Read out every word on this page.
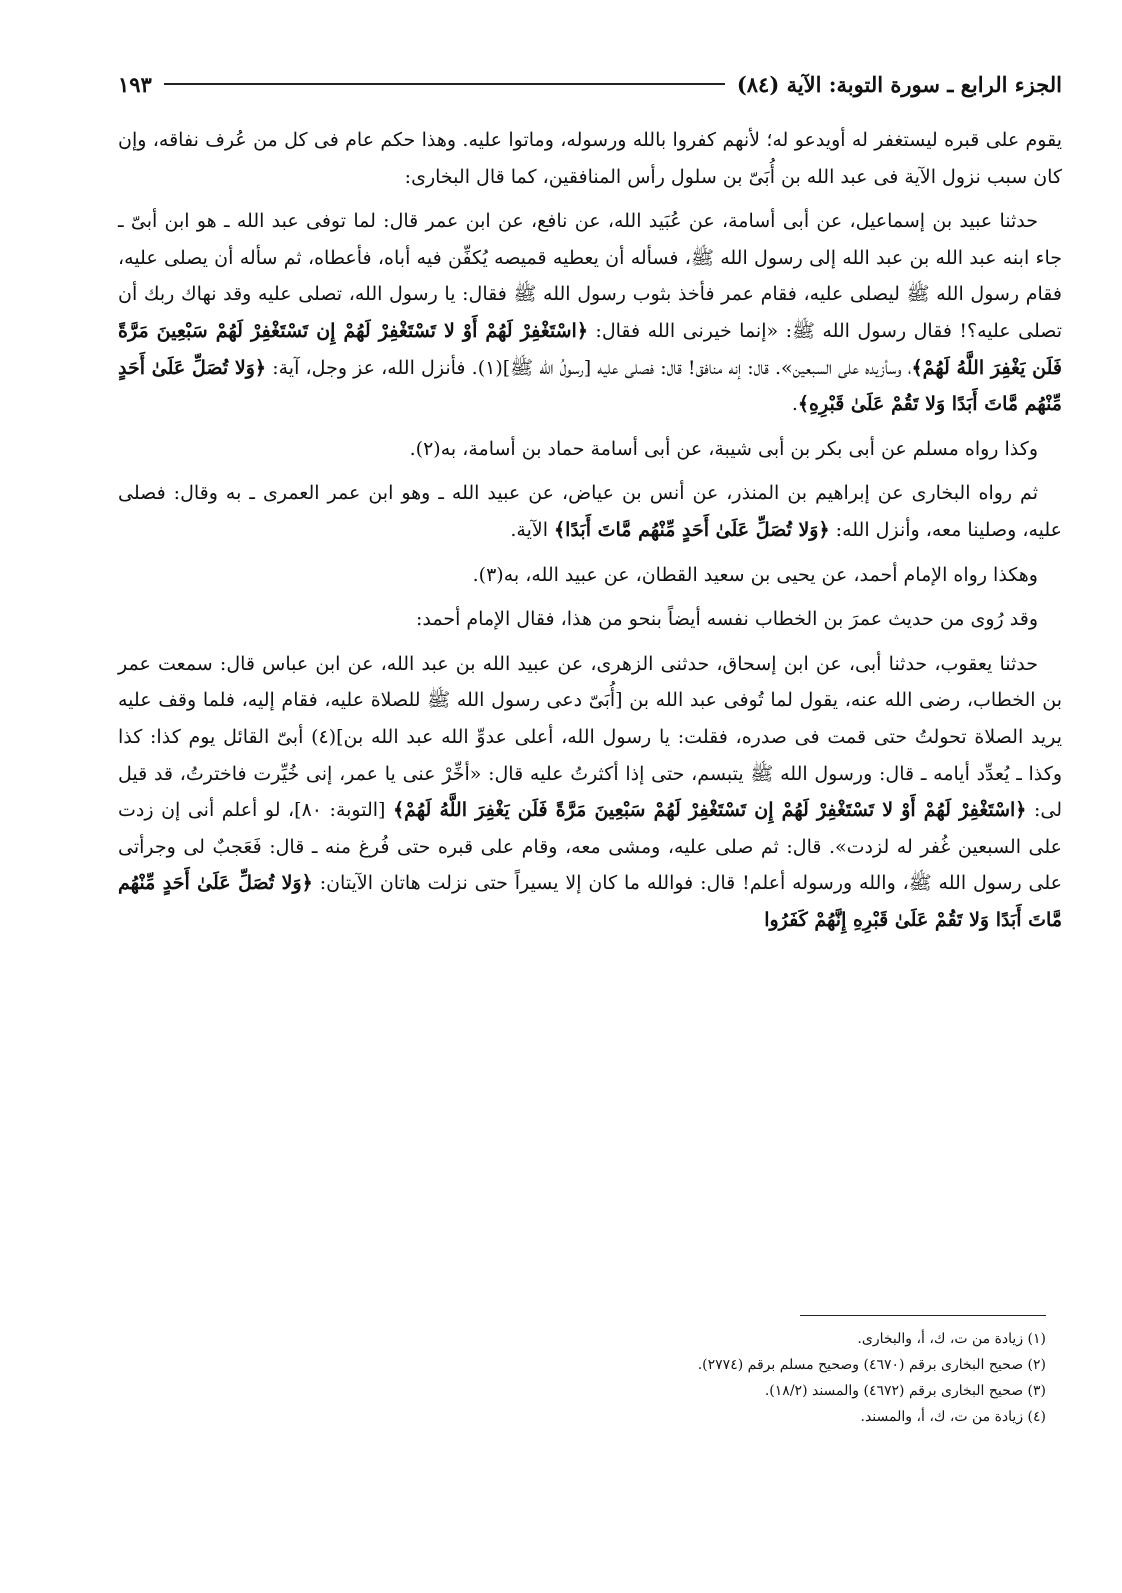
الجزء الرابع ـ سورة التوبة: الآية (٨٤)
١٩٣

يقوم على قبره ليستغفر له أويدعو له؛ لأنهم كفروا بالله ورسوله، وماتوا عليه. وهذا حكم عام فى كل من عُرف نفاقه، وإن كان سبب نزول الآية فى عبد الله بن أُبَىّ بن سلول رأس المنافقين، كما قال البخارى:

حدثنا عبيد بن إسماعيل، عن أبى أسامة، عن عُبَيد الله، عن نافع، عن ابن عمر قال: لما توفى عبد الله ـ هو ابن أبىّ ـ جاء ابنه عبد الله بن عبد الله إلى رسول الله ﷺ، فسأله أن يعطيه قميصه يُكفِّن فيه أباه، فأعطاه، ثم سأله أن يصلى عليه، فقام رسول الله ﷺ ليصلى عليه، فقام عمر فأخذ بثوب رسول الله ﷺ فقال: يا رسول الله، تصلى عليه وقد نهاك ربك أن تصلى عليه؟! فقال رسول الله ﷺ: «إنما خيرنى الله فقال: ﴿اسْتَغْفِرْ لَهُمْ أَوْ لا تَسْتَغْفِرْ لَهُمْ إِن تَسْتَغْفِرْ لَهُمْ سَبْعِينَ مَرَّةً فَلَن يَغْفِرَ اللَّهُ لَهُمْ﴾، وسأزيده على السبعين». قال: إنه منافق! قال: فصلى عليه [رسولُ الله ﷺ](١). فأنزل الله، عز وجل، آية: ﴿وَلا تُصَلِّ عَلَىٰ أَحَدٍ مِّنْهُم مَّاتَ أَبَدًا وَلا تَقُمْ عَلَىٰ قَبْرِهِ﴾.

وكذا رواه مسلم عن أبى بكر بن أبى شيبة، عن أبى أسامة حماد بن أسامة، به(٢).

ثم رواه البخارى عن إبراهيم بن المنذر، عن أنس بن عياض، عن عبيد الله ـ وهو ابن عمر العمرى ـ به وقال: فصلى عليه، وصلينا معه، وأنزل الله: ﴿وَلا تُصَلِّ عَلَىٰ أَحَدٍ مِّنْهُم مَّاتَ أَبَدًا﴾ الآية.

وهكذا رواه الإمام أحمد، عن يحيى بن سعيد القطان، عن عبيد الله، به(٣).

وقد رُوى من حديث عمرَ بن الخطاب نفسه أيضاً بنحو من هذا، فقال الإمام أحمد:

حدثنا يعقوب، حدثنا أبى، عن ابن إسحاق، حدثنى الزهرى، عن عبيد الله بن عبد الله، عن ابن عباس قال: سمعت عمر بن الخطاب، رضى الله عنه، يقول لما تُوفى عبد الله بن [أُبَىّ دعى رسول الله ﷺ للصلاة عليه، فقام إليه، فلما وقف عليه يريد الصلاة تحولتُ حتى قمت فى صدره، فقلت: يا رسول الله، أعلى عدوِّ الله عبد الله بن](٤) أبىّ القائل يوم كذا: كذا وكذا ـ يُعدِّد أيامه ـ قال: ورسول الله ﷺ يتبسم، حتى إذا أكثرتُ عليه قال: «أخِّرْ عنى يا عمر، إنى خُيِّرت فاخترتُ، قد قيل لى: ﴿اسْتَغْفِرْ لَهُمْ أَوْ لا تَسْتَغْفِرْ لَهُمْ إِن تَسْتَغْفِرْ لَهُمْ سَبْعِينَ مَرَّةً فَلَن يَغْفِرَ اللَّهُ لَهُمْ﴾ [التوبة: ٨٠]، لو أعلم أنى إن زدت على السبعين غُفر له لزدت». قال: ثم صلى عليه، ومشى معه، وقام على قبره حتى فُرغ منه ـ قال: فَعَجبٌ لى وجرأتى على رسول الله ﷺ، والله ورسوله أعلم! قال: فوالله ما كان إلا يسيراً حتى نزلت هاتان الآيتان: ﴿وَلا تُصَلِّ عَلَىٰ أَحَدٍ مِّنْهُم مَّاتَ أَبَدًا وَلا تَقُمْ عَلَىٰ قَبْرِهِ إِنَّهُمْ كَفَرُوا

(١) زيادة من ت، ك، أ، والبخارى.
(٢) صحيح البخارى برقم (٤٦٧٠) وصحيح مسلم برقم (٢٧٧٤).
(٣) صحيح البخارى برقم (٤٦٧٢) والمسند (١٨/٢).
(٤) زيادة من ت، ك، أ، والمسند.
